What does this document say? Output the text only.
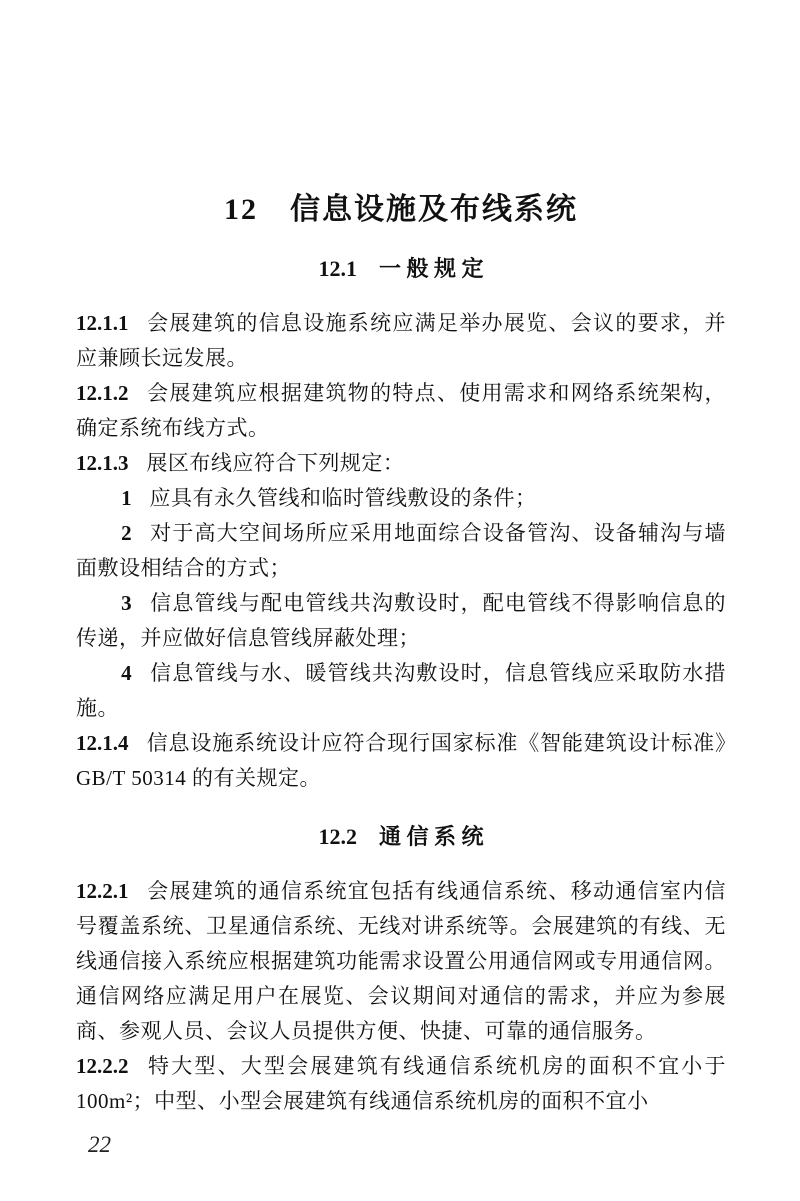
12　信息设施及布线系统
12.1　一 般 规 定

12.1.1 会展建筑的信息设施系统应满足举办展览、会议的要求，并应兼顾长远发展。

12.1.2 会展建筑应根据建筑物的特点、使用需求和网络系统架构，确定系统布线方式。

12.1.3 展区布线应符合下列规定：

1 应具有永久管线和临时管线敷设的条件；

2 对于高大空间场所应采用地面综合设备管沟、设备辅沟与墙面敷设相结合的方式；

3 信息管线与配电管线共沟敷设时，配电管线不得影响信息的传递，并应做好信息管线屏蔽处理；

4 信息管线与水、暖管线共沟敷设时，信息管线应采取防水措施。

12.1.4 信息设施系统设计应符合现行国家标准《智能建筑设计标准》GB/T 50314 的有关规定。

12.2　通 信 系 统

12.2.1 会展建筑的通信系统宜包括有线通信系统、移动通信室内信号覆盖系统、卫星通信系统、无线对讲系统等。会展建筑的有线、无线通信接入系统应根据建筑功能需求设置公用通信网或专用通信网。通信网络应满足用户在展览、会议期间对通信的需求，并应为参展商、参观人员、会议人员提供方便、快捷、可靠的通信服务。

12.2.2 特大型、大型会展建筑有线通信系统机房的面积不宜小于 100m²；中型、小型会展建筑有线通信系统机房的面积不宜小

22
